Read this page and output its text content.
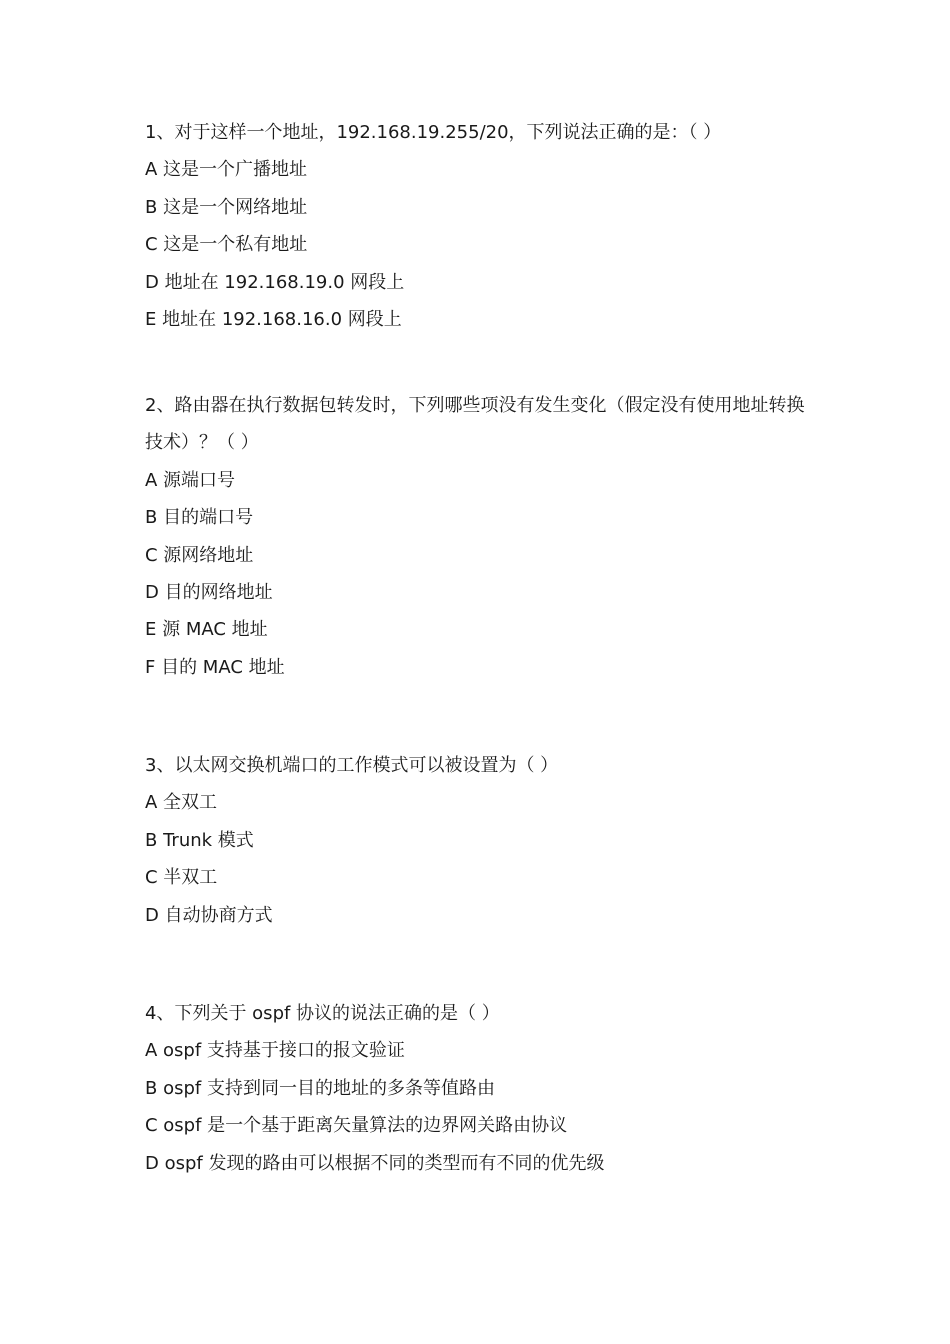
1、对于这样一个地址，192.168.19.255/20，下列说法正确的是：（ ）

A 这是一个广播地址

B 这是一个网络地址

C 这是一个私有地址

D 地址在 192.168.19.0 网段上

E 地址在 192.168.16.0 网段上

2、路由器在执行数据包转发时，下列哪些项没有发生变化（假定没有使用地址转换技术）？（ ）

A 源端口号

B 目的端口号

C 源网络地址

D 目的网络地址

E 源 MAC 地址

F 目的 MAC 地址

3、以太网交换机端口的工作模式可以被设置为（ ）

A 全双工

B Trunk 模式

C 半双工

D 自动协商方式

4、下列关于 ospf 协议的说法正确的是（ ）

A ospf 支持基于接口的报文验证

B ospf 支持到同一目的地址的多条等值路由

C ospf 是一个基于距离矢量算法的边界网关路由协议

D ospf 发现的路由可以根据不同的类型而有不同的优先级
